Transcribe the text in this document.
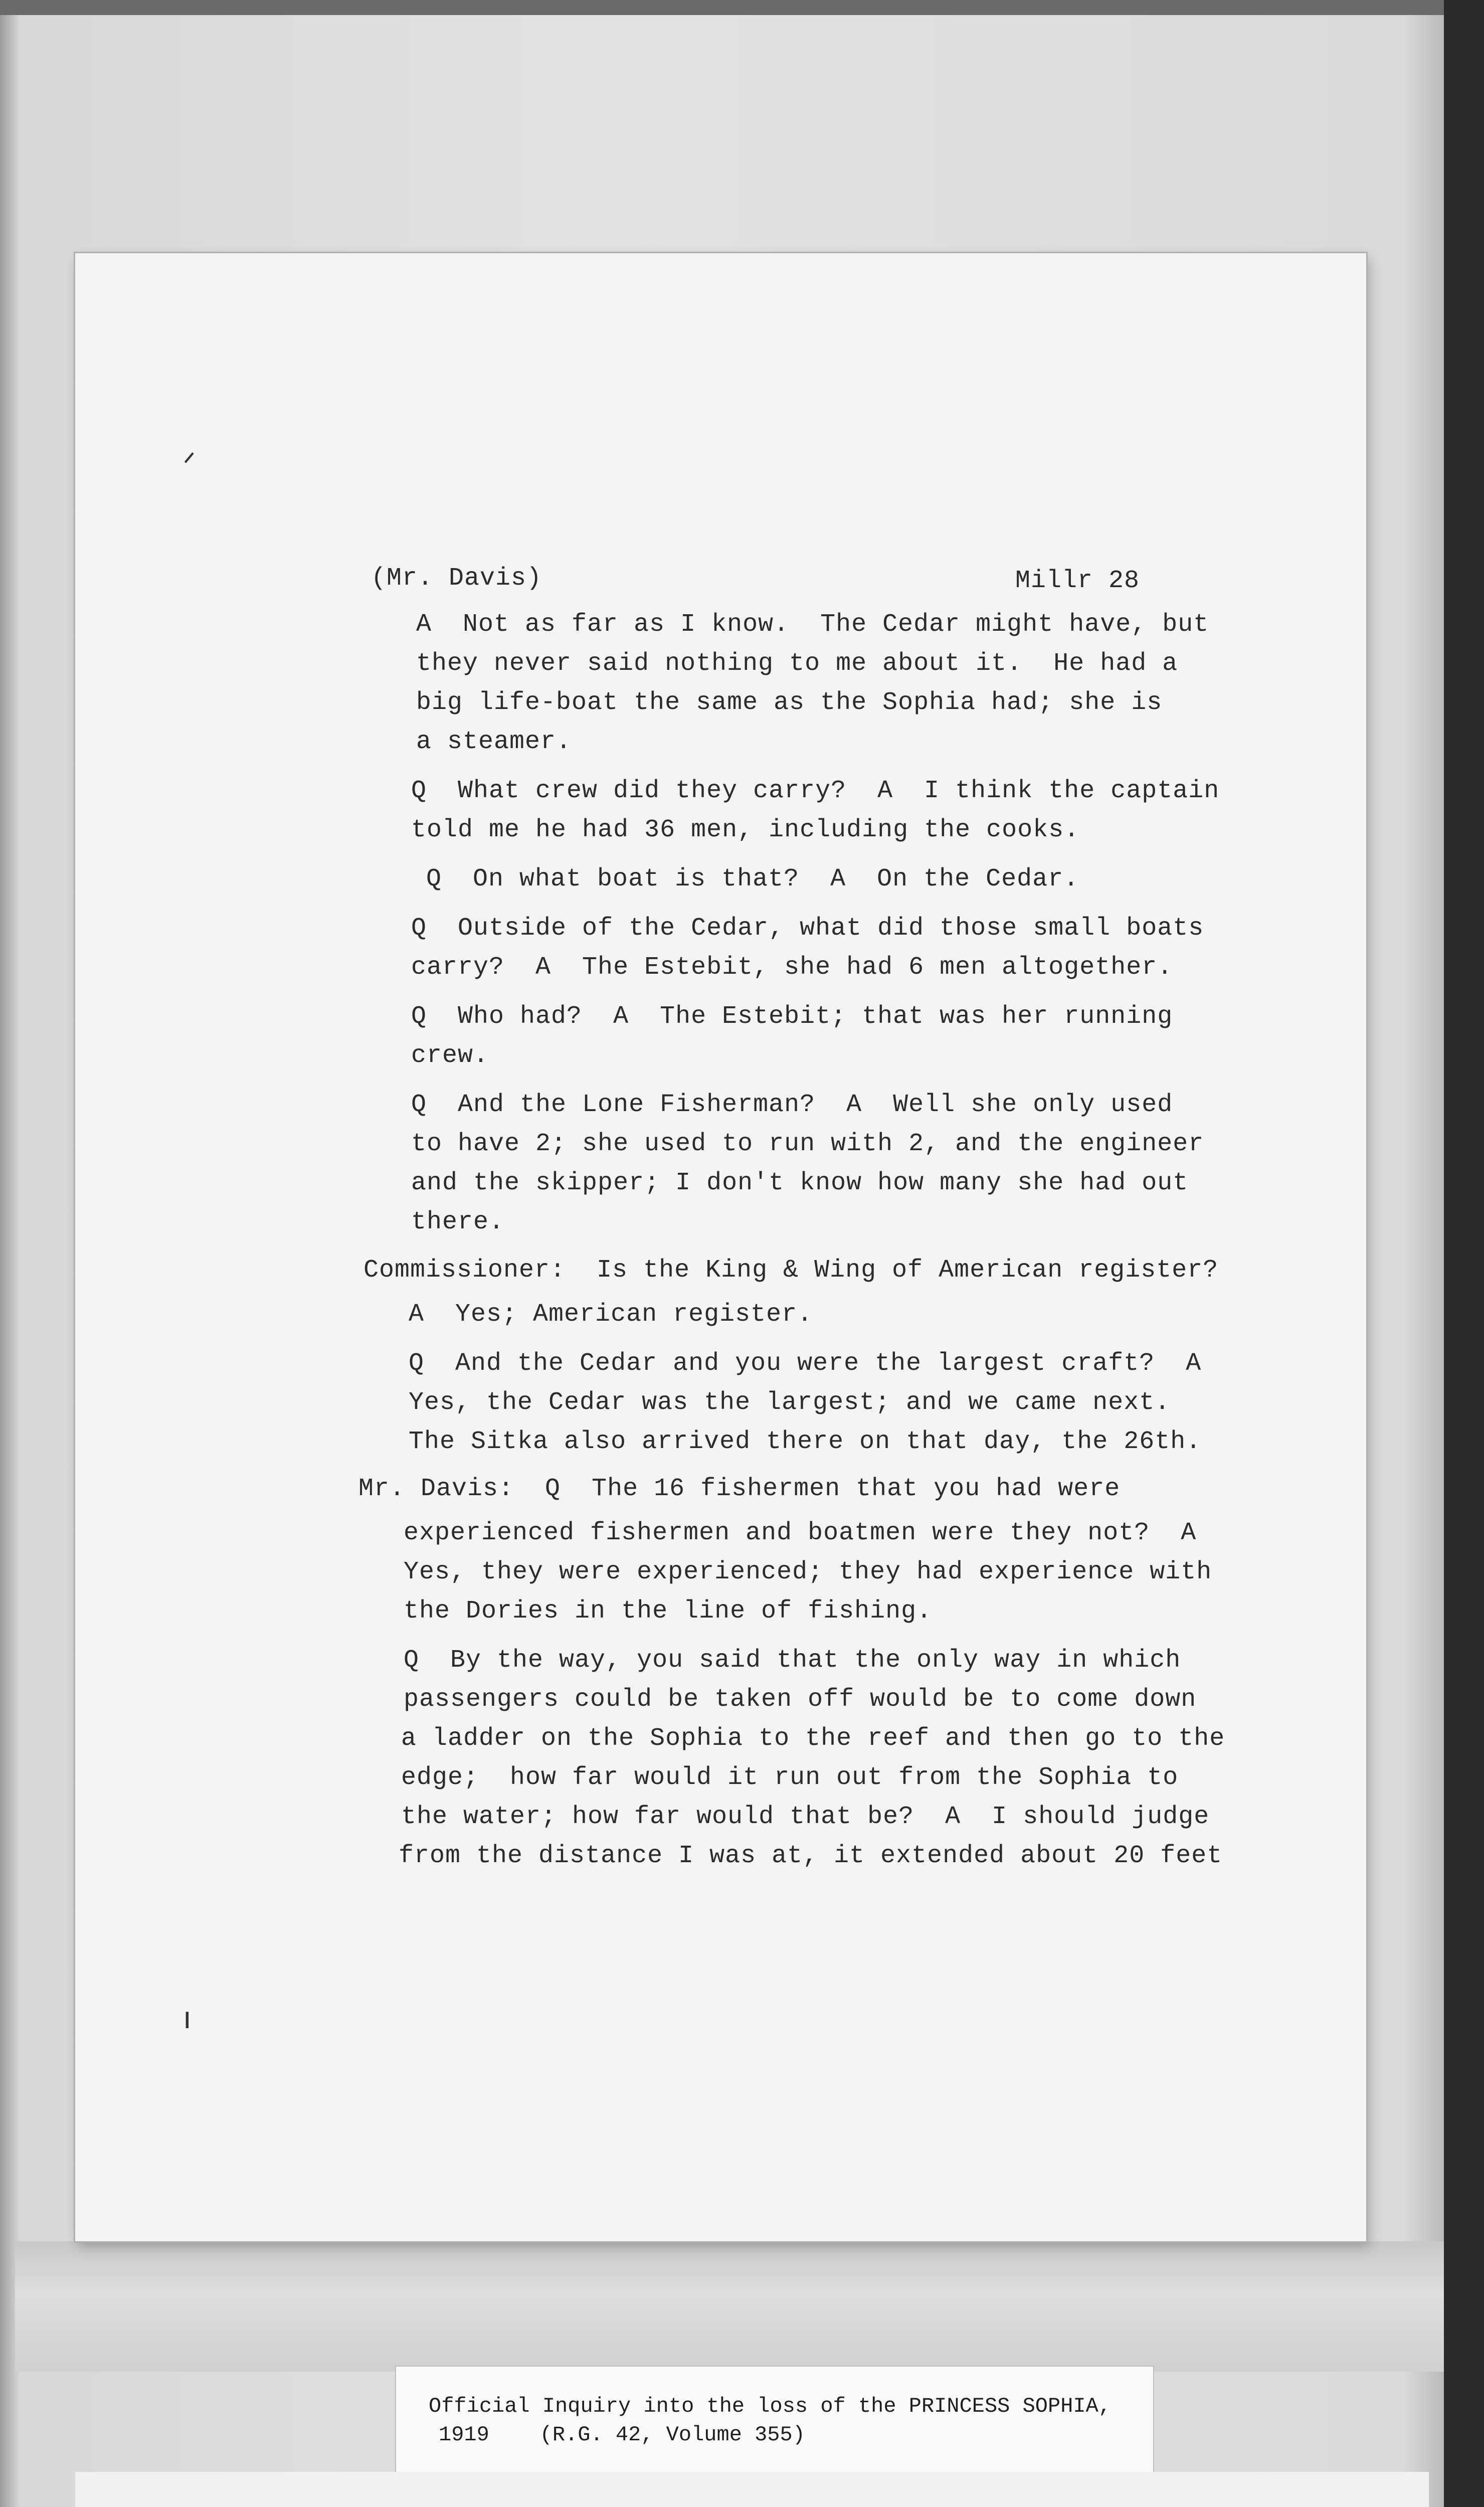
ᐟ
ı
(Mr. Davis)	Millr 28
A  Not as far as I know.  The Cedar might have, but
they never said nothing to me about it.  He had a
big life-boat the same as the Sophia had; she is
a steamer.
Q  What crew did they carry?  A  I think the captain
told me he had 36 men, including the cooks.
Q  On what boat is that?  A  On the Cedar.
Q  Outside of the Cedar, what did those small boats
carry?  A  The Estebit, she had 6 men altogether.
Q  Who had?  A  The Estebit; that was her running
crew.
Q  And the Lone Fisherman?  A  Well she only used
to have 2; she used to run with 2, and the engineer
and the skipper; I don't know how many she had out
there.
Commissioner:  Is the King & Wing of American register?
A  Yes; American register.
Q  And the Cedar and you were the largest craft?  A
Yes, the Cedar was the largest; and we came next.
The Sitka also arrived there on that day, the 26th.
Mr. Davis:  Q  The 16 fishermen that you had were
experienced fishermen and boatmen were they not?  A
Yes, they were experienced; they had experience with
the Dories in the line of fishing.
Q  By the way, you said that the only way in which
passengers could be taken off would be to come down
a ladder on the Sophia to the reef and then go to the
edge;  how far would it run out from the Sophia to
the water; how far would that be?  A  I should judge
from the distance I was at, it extended about 20 feet
Official Inquiry into the loss of the PRINCESS SOPHIA,
1919    (R.G. 42, Volume 355)
